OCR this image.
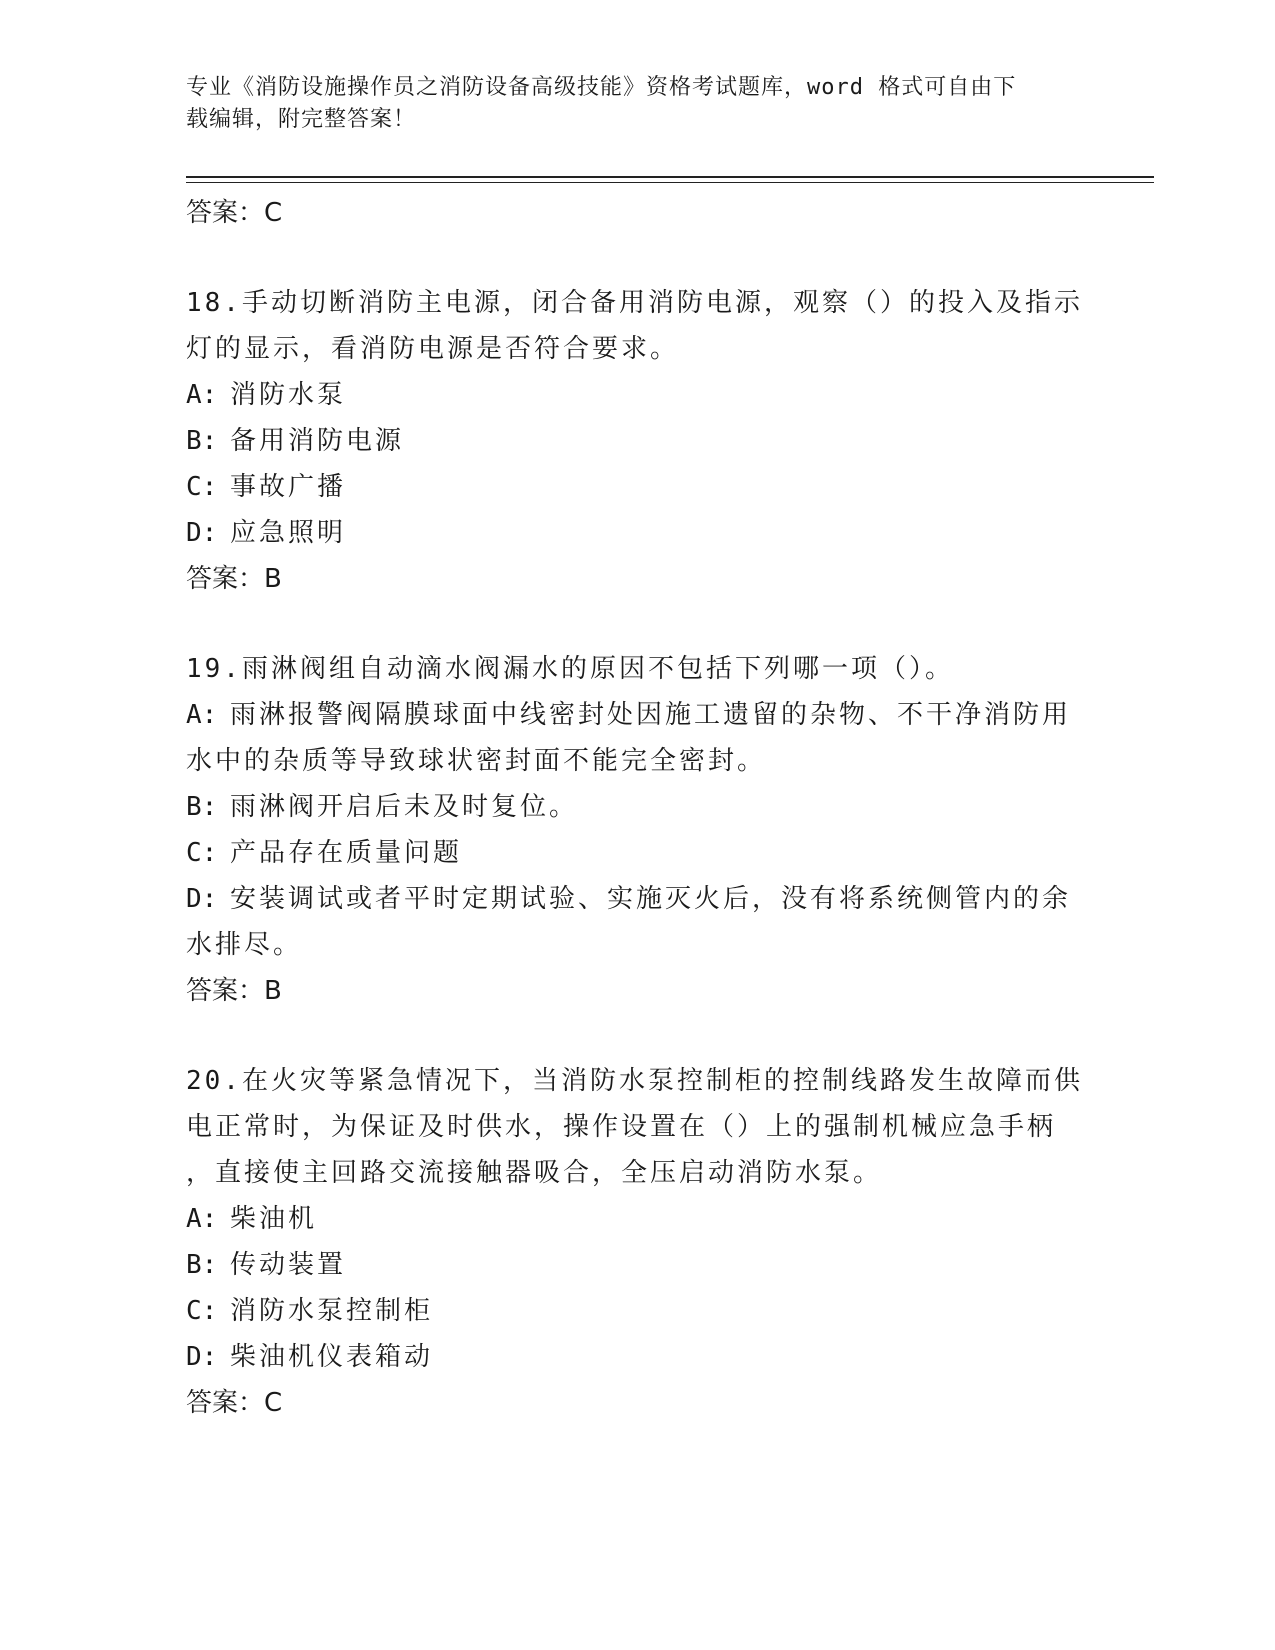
专业《消防设施操作员之消防设备高级技能》资格考试题库，word 格式可自由下
载编辑，附完整答案！
答案：C
18.手动切断消防主电源，闭合备用消防电源，观察（）的投入及指示
灯的显示，看消防电源是否符合要求。
A: 消防水泵
B: 备用消防电源
C: 事故广播
D: 应急照明
答案：B
19.雨淋阀组自动滴水阀漏水的原因不包括下列哪一项（）。
A: 雨淋报警阀隔膜球面中线密封处因施工遗留的杂物、不干净消防用
水中的杂质等导致球状密封面不能完全密封。
B: 雨淋阀开启后未及时复位。
C: 产品存在质量问题
D: 安装调试或者平时定期试验、实施灭火后，没有将系统侧管内的余
水排尽。
答案：B
20.在火灾等紧急情况下，当消防水泵控制柜的控制线路发生故障而供
电正常时，为保证及时供水，操作设置在（）上的强制机械应急手柄
，直接使主回路交流接触器吸合，全压启动消防水泵。
A: 柴油机
B: 传动装置
C: 消防水泵控制柜
D: 柴油机仪表箱动
答案：C
